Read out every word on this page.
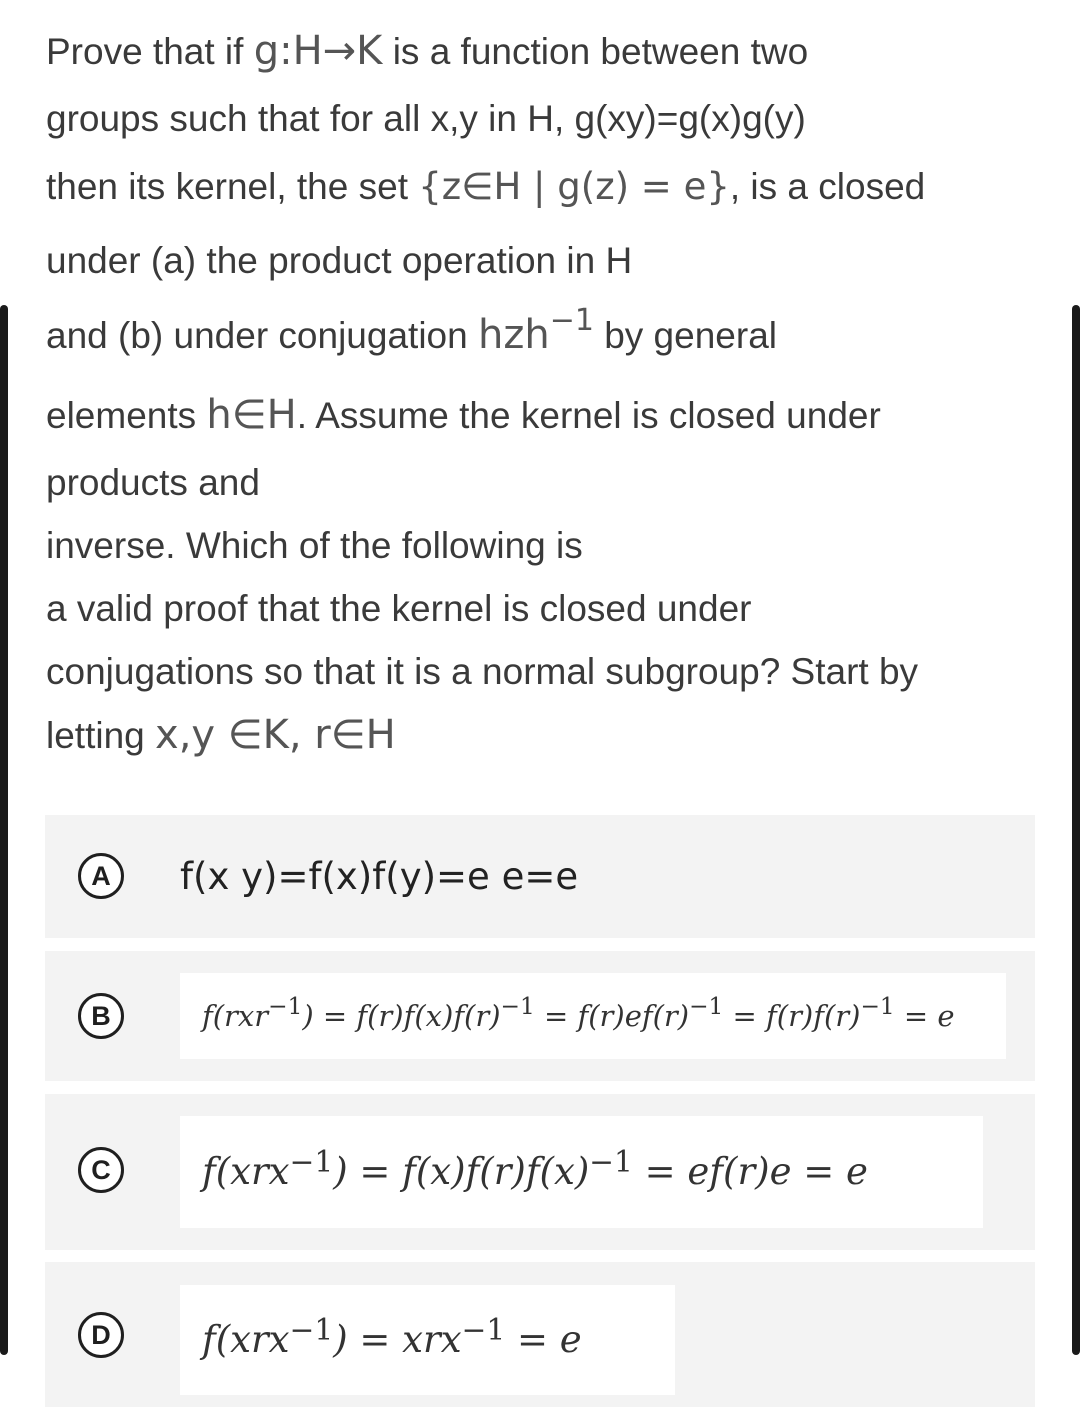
Prove that if g:H→K is a function between two
groups such that for all x,y in H, g(xy)=g(x)g(y)
then its kernel, the set {z∈H | g(z) = e}, is a closed
under (a) the product operation in H
and (b) under conjugation hzh$^{-1}$ by general
elements h∈H. Assume the kernel is closed under
products and
inverse. Which of the following is
a valid proof that the kernel is closed under
conjugations so that it is a normal subgroup? Start by
letting x,y ∈K, r∈H
A	f(x y)=f(x)f(y)=e e=e
B	$f(rxr^{-1}) = f(r)f(x)f(r)^{-1} = f(r)ef(r)^{-1} = f(r)f(r)^{-1} = e$
C	$f(xrx^{-1}) = f(x)f(r)f(x)^{-1} = ef(r)e = e$
D	f(xrx$^{-1}$) = xrx$^{-1}$ = e
